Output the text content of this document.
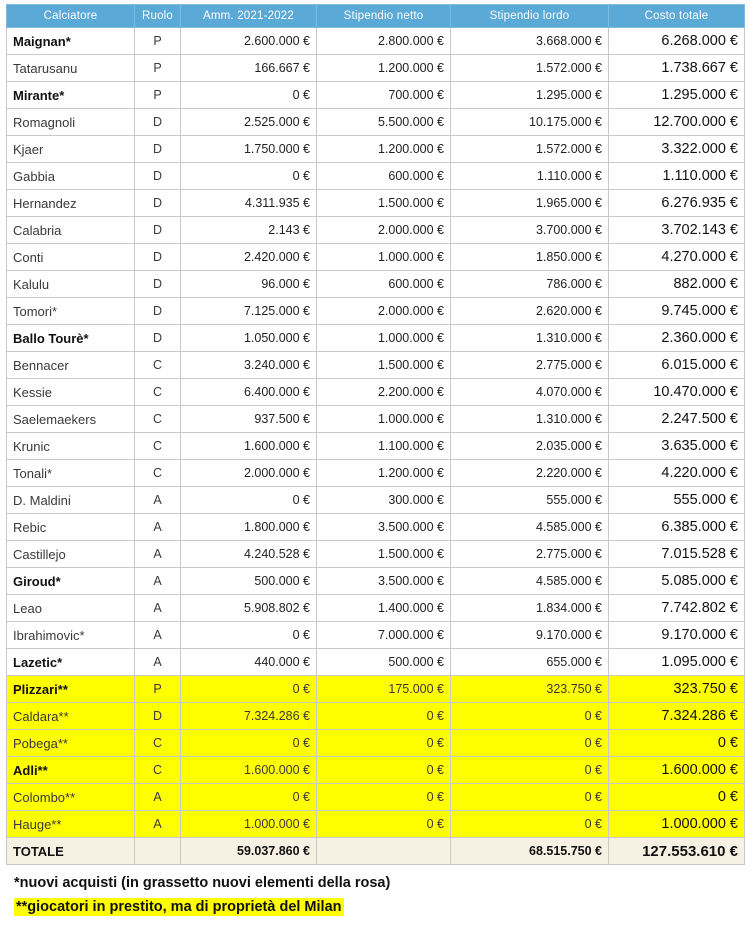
Calciatore	Ruolo	Amm. 2021-2022	Stipendio netto	Stipendio lordo	Costo totale
Maignan*	P	2.600.000 €	2.800.000 €	3.668.000 €	6.268.000 €
Tatarusanu	P	166.667 €	1.200.000 €	1.572.000 €	1.738.667 €
Mirante*	P	0 €	700.000 €	1.295.000 €	1.295.000 €
Romagnoli	D	2.525.000 €	5.500.000 €	10.175.000 €	12.700.000 €
Kjaer	D	1.750.000 €	1.200.000 €	1.572.000 €	3.322.000 €
Gabbia	D	0 €	600.000 €	1.110.000 €	1.110.000 €
Hernandez	D	4.311.935 €	1.500.000 €	1.965.000 €	6.276.935 €
Calabria	D	2.143 €	2.000.000 €	3.700.000 €	3.702.143 €
Conti	D	2.420.000 €	1.000.000 €	1.850.000 €	4.270.000 €
Kalulu	D	96.000 €	600.000 €	786.000 €	882.000 €
Tomori*	D	7.125.000 €	2.000.000 €	2.620.000 €	9.745.000 €
Ballo Tourè*	D	1.050.000 €	1.000.000 €	1.310.000 €	2.360.000 €
Bennacer	C	3.240.000 €	1.500.000 €	2.775.000 €	6.015.000 €
Kessie	C	6.400.000 €	2.200.000 €	4.070.000 €	10.470.000 €
Saelemaekers	C	937.500 €	1.000.000 €	1.310.000 €	2.247.500 €
Krunic	C	1.600.000 €	1.100.000 €	2.035.000 €	3.635.000 €
Tonali*	C	2.000.000 €	1.200.000 €	2.220.000 €	4.220.000 €
D. Maldini	A	0 €	300.000 €	555.000 €	555.000 €
Rebic	A	1.800.000 €	3.500.000 €	4.585.000 €	6.385.000 €
Castillejo	A	4.240.528 €	1.500.000 €	2.775.000 €	7.015.528 €
Giroud*	A	500.000 €	3.500.000 €	4.585.000 €	5.085.000 €
Leao	A	5.908.802 €	1.400.000 €	1.834.000 €	7.742.802 €
Ibrahimovic*	A	0 €	7.000.000 €	9.170.000 €	9.170.000 €
Lazetic*	A	440.000 €	500.000 €	655.000 €	1.095.000 €
Plizzari**	P	0 €	175.000 €	323.750 €	323.750 €
Caldara**	D	7.324.286 €	0 €	0 €	7.324.286 €
Pobega**	C	0 €	0 €	0 €	0 €
Adli**	C	1.600.000 €	0 €	0 €	1.600.000 €
Colombo**	A	0 €	0 €	0 €	0 €
Hauge**	A	1.000.000 €	0 €	0 €	1.000.000 €
TOTALE		59.037.860 €		68.515.750 €	127.553.610 €
*nuovi acquisti (in grassetto nuovi elementi della rosa)
**giocatori in prestito, ma di proprietà del Milan
